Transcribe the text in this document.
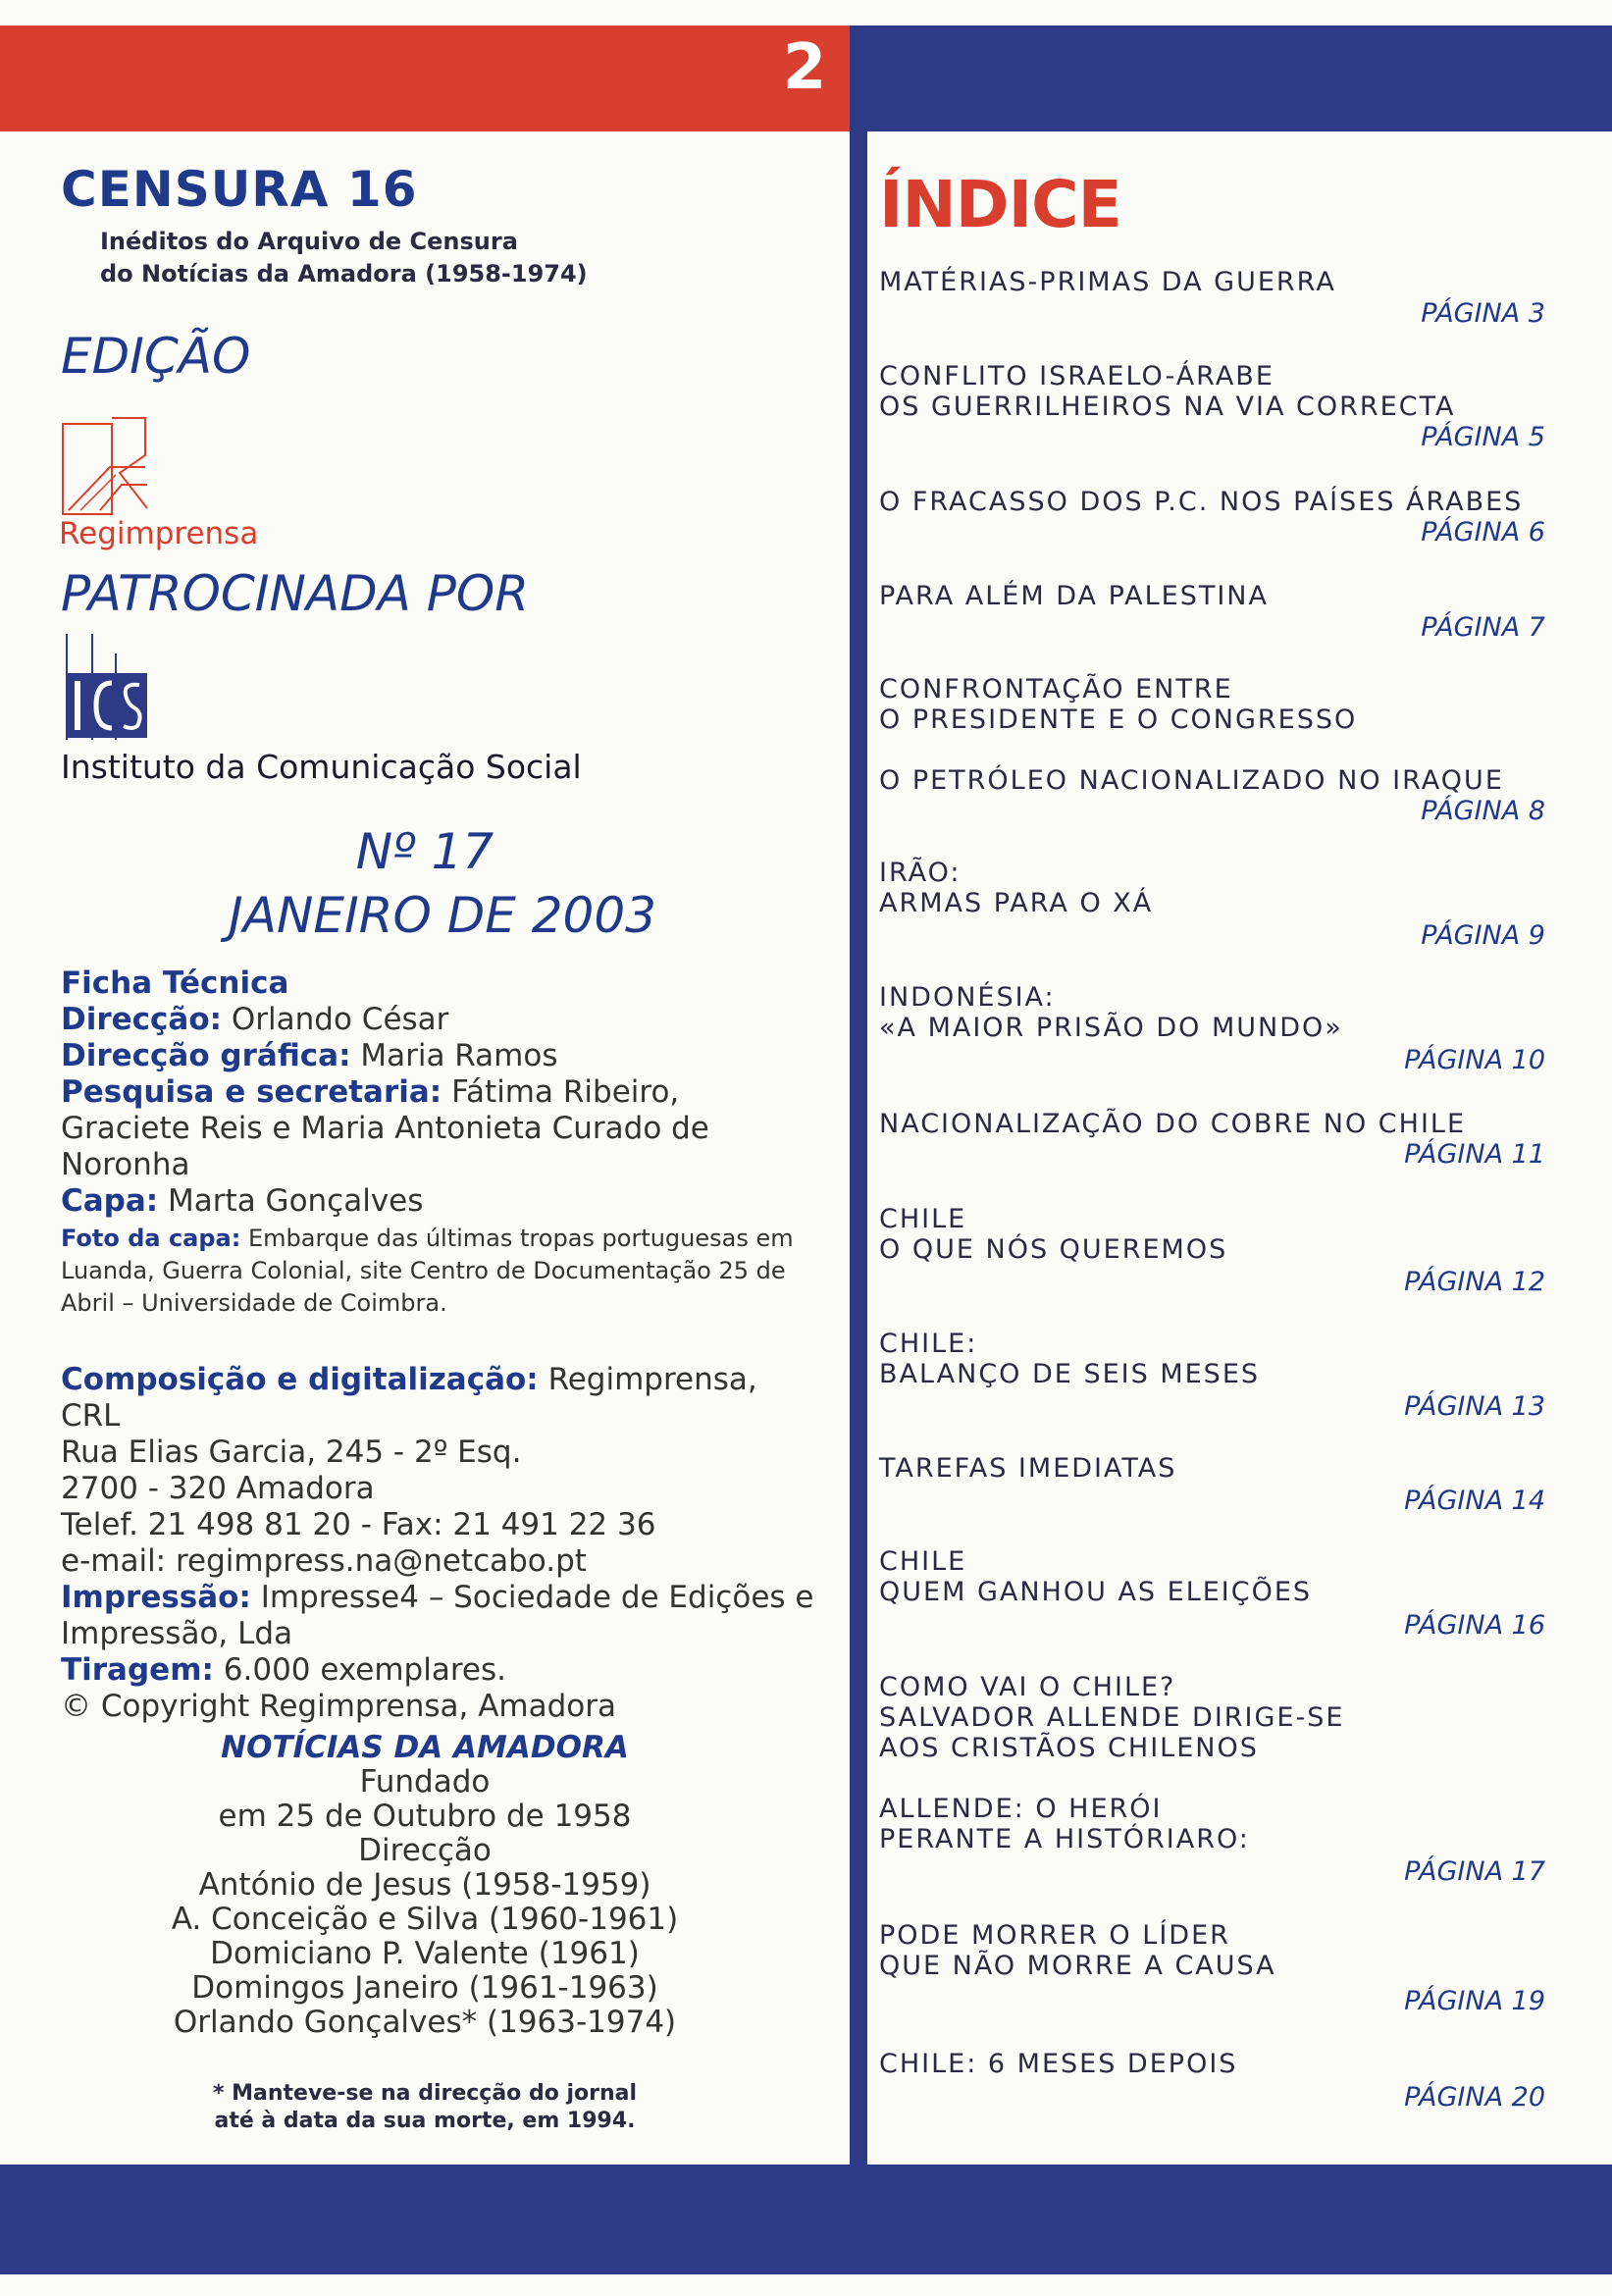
2
CENSURA 16
Inéditos do Arquivo de Censura
do Notícias da Amadora (1958-1974)
EDIÇÃO
Regimprensa
PATROCINADA POR
Instituto da Comunicação Social
Nº 17
JANEIRO DE 2003
Ficha Técnica
Direcção: Orlando César
Direcção gráfica: Maria Ramos
Pesquisa e secretaria: Fátima Ribeiro, Graciete Reis e Maria Antonieta Curado de Noronha
Capa: Marta Gonçalves
Foto da capa: Embarque das últimas tropas portuguesas em Luanda, Guerra Colonial, site Centro de Documentação 25 de Abril – Universidade de Coimbra.
Composição e digitalização: Regimprensa, CRL
Rua Elias Garcia, 245 - 2º Esq.
2700 - 320 Amadora
Telef. 21 498 81 20 - Fax: 21 491 22 36
e-mail: regimpress.na@netcabo.pt
Impressão: Impresse4 – Sociedade de Edições e Impressão, Lda
Tiragem: 6.000 exemplares.
© Copyright Regimprensa, Amadora
NOTÍCIAS DA AMADORA
Fundado
em 25 de Outubro de 1958
Direcção
António de Jesus (1958-1959)
A. Conceição e Silva (1960-1961)
Domiciano P. Valente (1961)
Domingos Janeiro (1961-1963)
Orlando Gonçalves* (1963-1974)
* Manteve-se na direcção do jornal
até à data da sua morte, em 1994.
ÍNDICE
MATÉRIAS-PRIMAS DA GUERRA
PÁGINA 3
CONFLITO ISRAELO-ÁRABE
OS GUERRILHEIROS NA VIA CORRECTA
PÁGINA 5
O FRACASSO DOS P.C. NOS PAÍSES ÁRABES
PÁGINA 6
PARA ALÉM DA PALESTINA
PÁGINA 7
CONFRONTAÇÃO ENTRE
O PRESIDENTE E O CONGRESSO
O PETRÓLEO NACIONALIZADO NO IRAQUE
PÁGINA 8
IRÃO:
ARMAS PARA O XÁ
PÁGINA 9
INDONÉSIA:
«A MAIOR PRISÃO DO MUNDO»
PÁGINA 10
NACIONALIZAÇÃO DO COBRE NO CHILE
PÁGINA 11
CHILE
O QUE NÓS QUEREMOS
PÁGINA 12
CHILE:
BALANÇO DE SEIS MESES
PÁGINA 13
TAREFAS IMEDIATAS
PÁGINA 14
CHILE
QUEM GANHOU AS ELEIÇÕES
PÁGINA 16
COMO VAI O CHILE?
SALVADOR ALLENDE DIRIGE-SE
AOS CRISTÃOS CHILENOS
ALLENDE: O HERÓI
PERANTE A HISTÓRIARO:
PÁGINA 17
PODE MORRER O LÍDER
QUE NÃO MORRE A CAUSA
PÁGINA 19
CHILE: 6 MESES DEPOIS
PÁGINA 20
